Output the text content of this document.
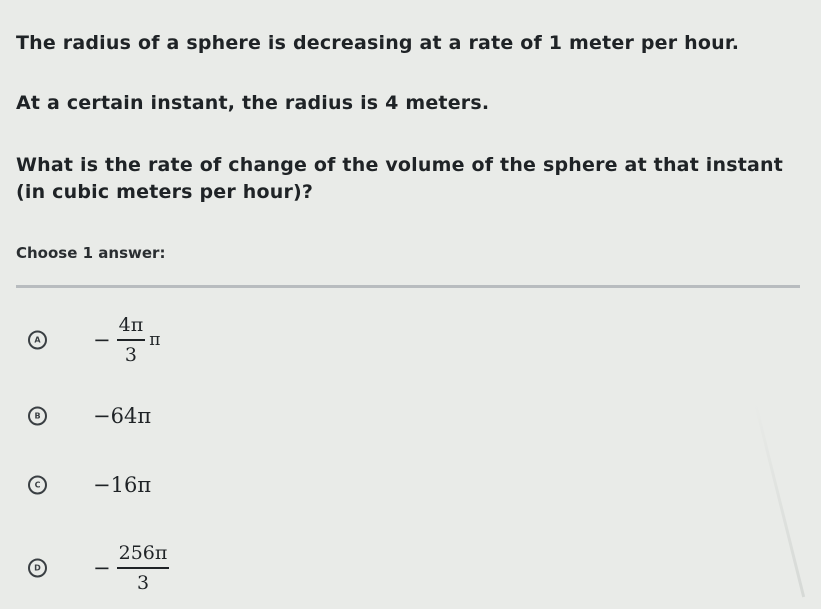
The radius of a sphere is decreasing at a rate of 1 meter per hour.

At a certain instant, the radius is 4 meters.

What is the rate of change of the volume of the sphere at that instant (in cubic meters per hour)?

Choose 1 answer:

A	− $\frac{4\pi}{3}$ π
B	−64π
C	−16π
$D - \frac{256\pi}{3}$
